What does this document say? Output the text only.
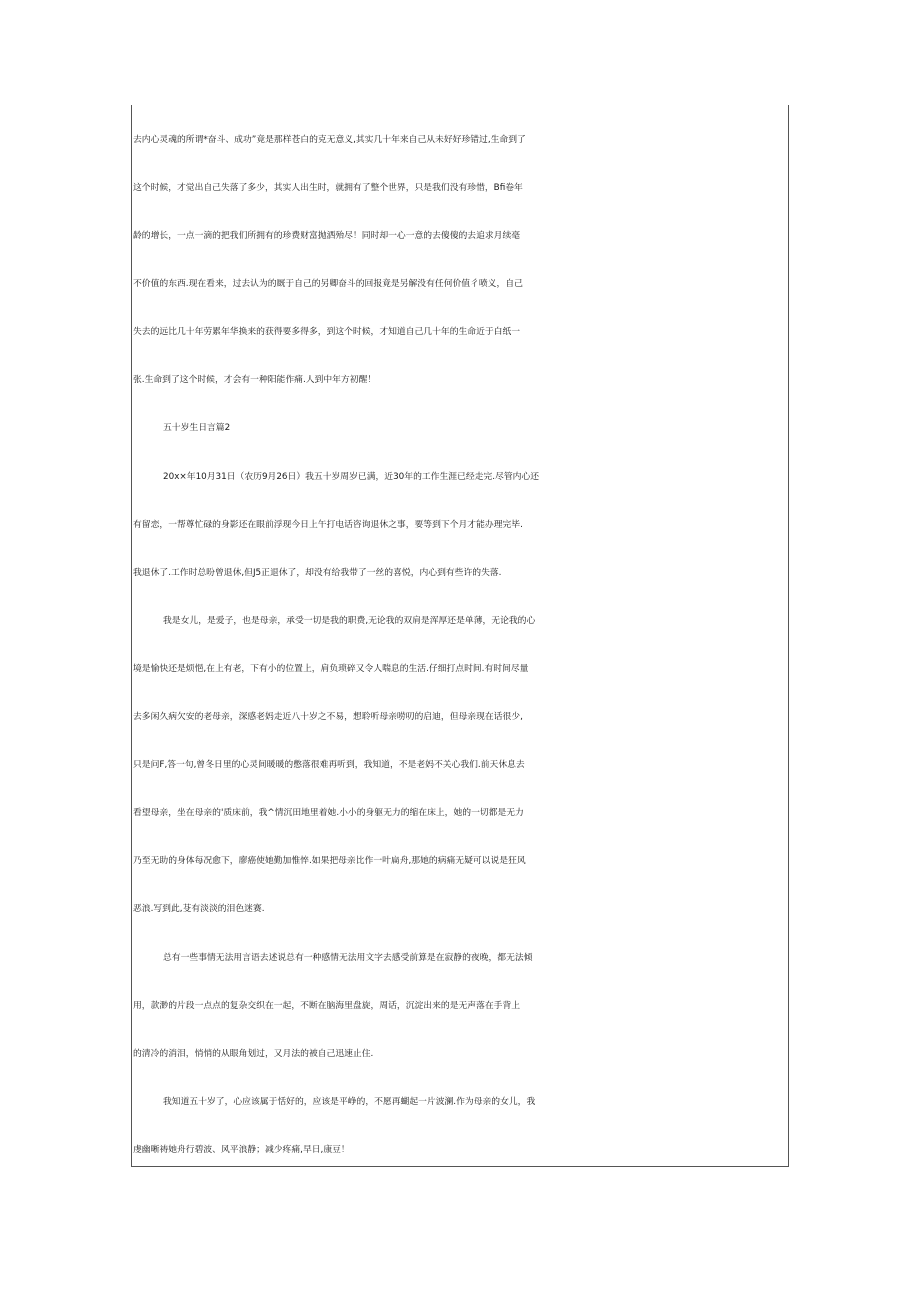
去内心灵魂的所谓*奋斗、成功”竟是那样苍白的克无意义,其实几十年来自己从未好好珍错过,生命到了
这个时候，才觉出自己失落了多少，其实人出生时，就拥有了整个世界，只是我们没有珍惜，Bfi卷年
龄的增长，一点一滴的把我们所拥有的珍费财富抛洒殆尽！同时却一心一意的去傻傻的去追求月续毫
不价值的东西.现在看来，过去认为的厩于自己的另卿奋斗的回报竟是另解没有任何价值彳喷义，自己
失去的远比几十年劳累年华换来的获得要多得多，到这个时候，才知道自己几十年的生命近于白纸一
张.生命到了这个时候，才会有一种阳能作痛.人到中年方初醒！
五十岁生日言篇2
20x×年10月31日（农历9月26日）我五十岁周岁已满，近30年的工作生涯已经走完.尽管内心还
有留恋，一帮尊忙碌的身影还在眼前浮现今日上午打电话咨询退休之事，要等到下个月才能办理完毕.
我退休了.工作时总吩曾退休,但J5正退休了，却没有给我带了一丝的喜悦，内心到有些许的失落.
我是女儿，是爱子，也是母亲，承受一切是我的职费,无论我的双肩是浑厚还是单薄，无论我的心
境是愉快还是烦悒,在上有老，下有小的位置上，肩负琐碎又令人喘息的生活.仔细打点时间.有时间尽量
去多闲久病欠安的老母亲，深感老妈走近八十岁之不易，想聆听母亲唠叨的启迪，但母亲现在话很少,
只是问F,答一句,曾冬日里的心灵间暖暖的憋落很难再听到，我知道，不是老妈不关心我们.前天休息去
看望母亲，坐在母亲的'质床前，我^情沉田地里着她.小小的身躯无力的缩在床上，她的一切都是无力
乃至无助的身体每况愈下，廖癌使她勤加惟悴.如果把母亲比作一叶扁舟,那她的病痛无疑可以说是狂风
恶浪.写到此,芟有淡淡的泪色迷赛.
总有一些事情无法用言语去述说总有一种感情无法用文字去感受前算是在寂静的夜晚，都无法倾
用，款渺的片段一点点的复杂交织在一起，不断在脑海里盘旋，周话，沉淀出来的是无声落在手背上
的清冷的消泪，悄悄的从眼角划过，又月法的被自己迅速止住.
我知道五十岁了，心应该属于恬好的，应该是平峥的，不愿再蝴起一片波澜.作为母亲的女儿，我
虔幽晰祷她舟行碧波、风平浪静；减少疼痛,早日,康豆！
